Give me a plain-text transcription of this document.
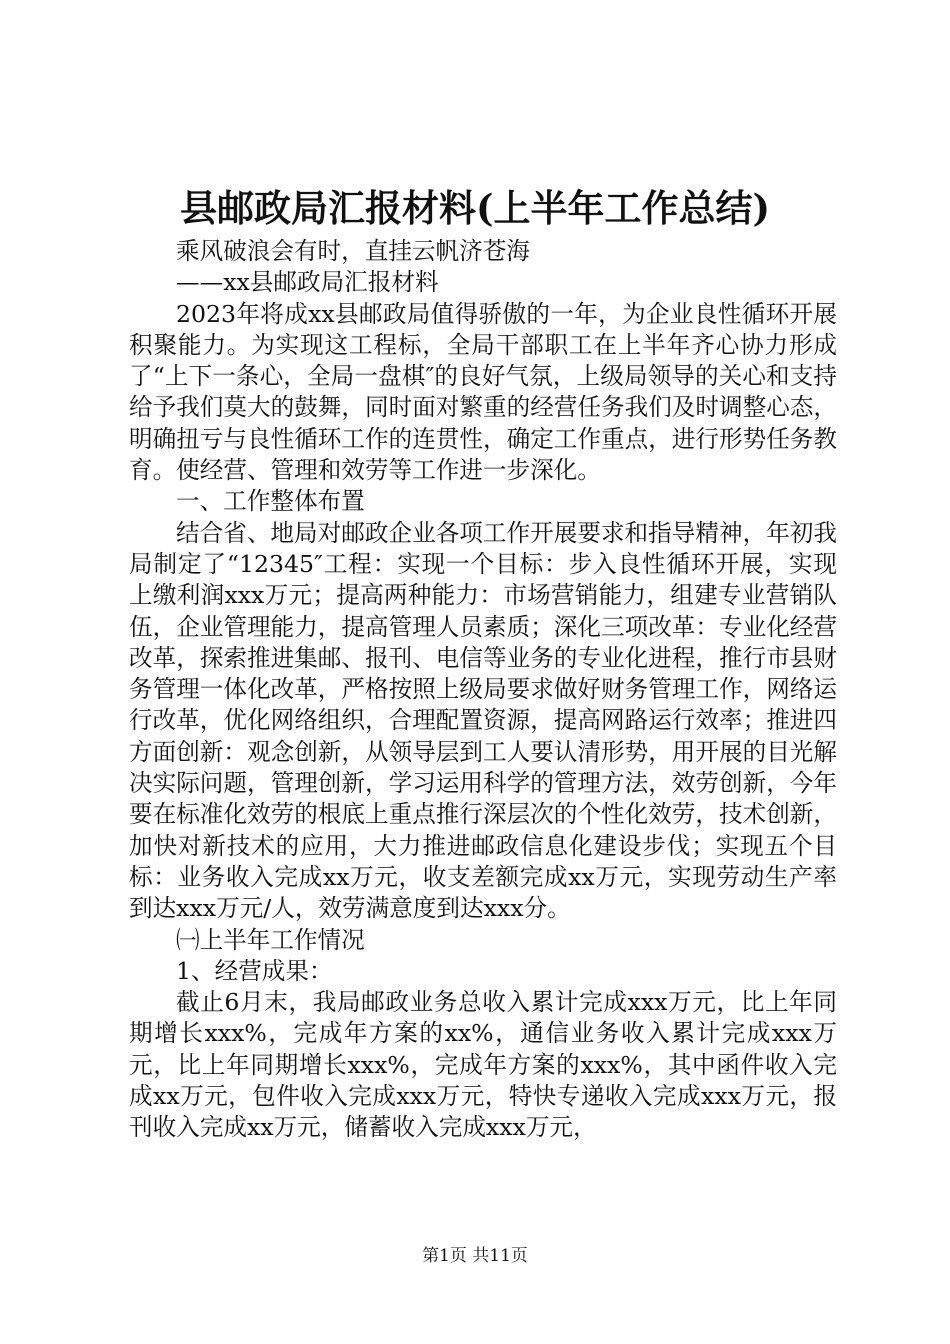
县邮政局汇报材料(上半年工作总结)

乘风破浪会有时，直挂云帆济苍海

——xx县邮政局汇报材料

2023年将成xx县邮政局值得骄傲的一年，为企业良性循环开展积聚能力。为实现这工程标，全局干部职工在上半年齐心协力形成了“上下一条心，全局一盘棋″的良好气氛，上级局领导的关心和支持给予我们莫大的鼓舞，同时面对繁重的经营任务我们及时调整心态，明确扭亏与良性循环工作的连贯性，确定工作重点，进行形势任务教育。使经营、管理和效劳等工作进一步深化。

一、工作整体布置

结合省、地局对邮政企业各项工作开展要求和指导精神，年初我局制定了“12345″工程：实现一个目标：步入良性循环开展，实现上缴利润xxx万元；提高两种能力：市场营销能力，组建专业营销队伍，企业管理能力，提高管理人员素质；深化三项改革：专业化经营改革，探索推进集邮、报刊、电信等业务的专业化进程，推行市县财务管理一体化改革，严格按照上级局要求做好财务管理工作，网络运行改革，优化网络组织，合理配置资源，提高网路运行效率；推进四方面创新：观念创新，从领导层到工人要认清形势，用开展的目光解决实际问题，管理创新，学习运用科学的管理方法，效劳创新，今年要在标准化效劳的根底上重点推行深层次的个性化效劳，技术创新，加快对新技术的应用，大力推进邮政信息化建设步伐；实现五个目标：业务收入完成xx万元，收支差额完成xx万元，实现劳动生产率到达xxx万元/人，效劳满意度到达xxx分。

㈠上半年工作情况

1、经营成果：

截止6月末，我局邮政业务总收入累计完成xxx万元，比上年同期增长xxx%，完成年方案的xx%，通信业务收入累计完成xxx万元，比上年同期增长xxx%，完成年方案的xxx%，其中函件收入完成xx万元，包件收入完成xxx万元，特快专递收入完成xxx万元，报刊收入完成xx万元，储蓄收入完成xxx万元，

第1页 共11页
